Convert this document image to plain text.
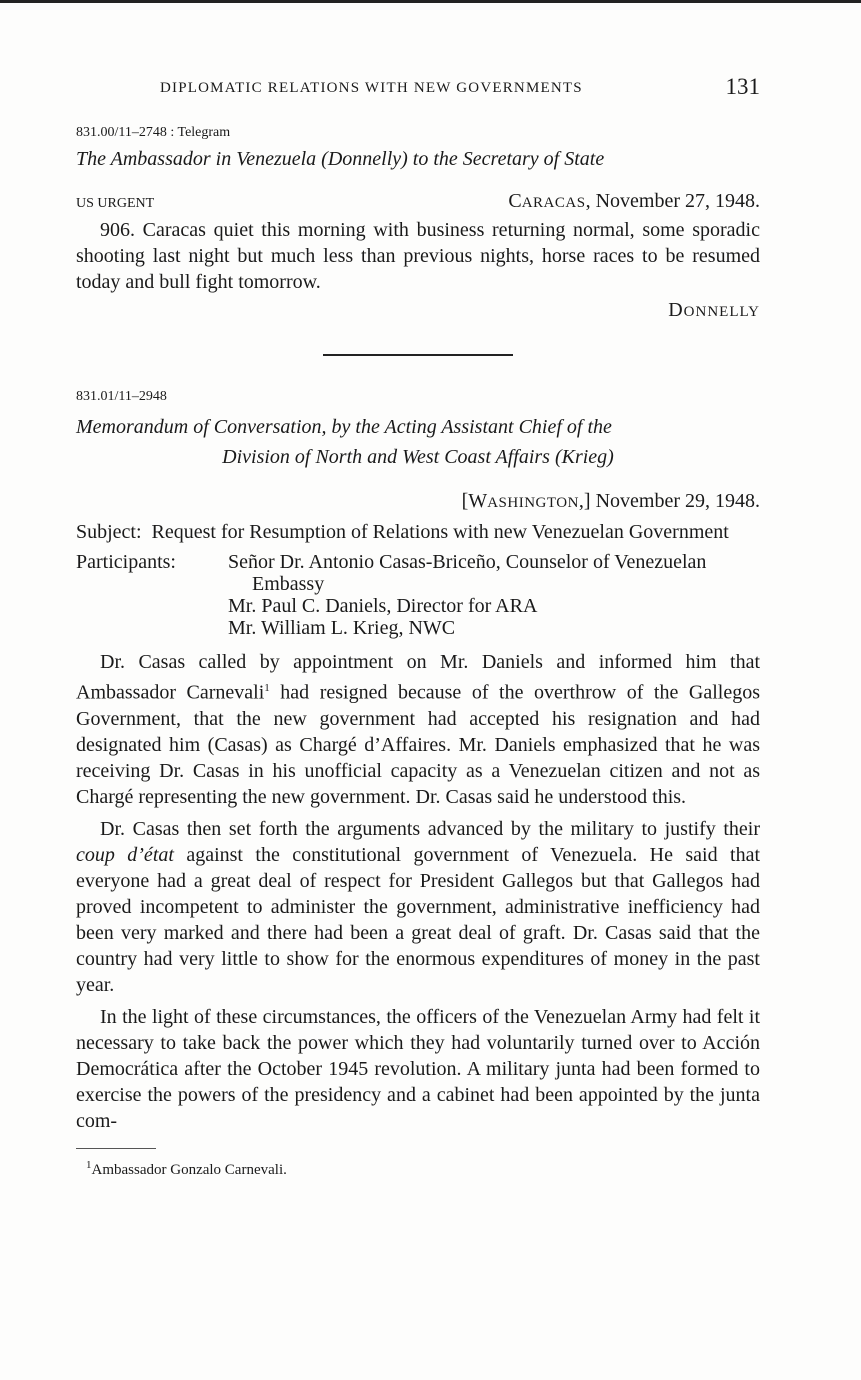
DIPLOMATIC RELATIONS WITH NEW GOVERNMENTS	131
831.00/11–2748 : Telegram
The Ambassador in Venezuela (Donnelly) to the Secretary of State
US URGENT	CARACAS, November 27, 1948.

906. Caracas quiet this morning with business returning normal, some sporadic shooting last night but much less than previous nights, horse races to be resumed today and bull fight tomorrow.

DONNELLY
831.01/11–2948
Memorandum of Conversation, by the Acting Assistant Chief of the
Division of North and West Coast Affairs (Krieg)
[WASHINGTON,] November 29, 1948.
Subject: Request for Resumption of Relations with new Venezuelan Government
Participants:	Señor Dr. Antonio Casas-Briceño, Counselor of Venezuelan Embassy
Mr. Paul C. Daniels, Director for ARA
Mr. William L. Krieg, NWC

Dr. Casas called by appointment on Mr. Daniels and informed him that Ambassador Carnevali$^1$ had resigned because of the overthrow of the Gallegos Government, that the new government had accepted his resignation and had designated him (Casas) as Chargé d’Affaires. Mr. Daniels emphasized that he was receiving Dr. Casas in his unofficial capacity as a Venezuelan citizen and not as Chargé representing the new government. Dr. Casas said he understood this.

Dr. Casas then set forth the arguments advanced by the military to justify their coup d’état against the constitutional government of Venezuela. He said that everyone had a great deal of respect for President Gallegos but that Gallegos had proved incompetent to administer the government, administrative inefficiency had been very marked and there had been a great deal of graft. Dr. Casas said that the country had very little to show for the enormous expenditures of money in the past year.

In the light of these circumstances, the officers of the Venezuelan Army had felt it necessary to take back the power which they had voluntarily turned over to Acción Democrática after the October 1945 revolution. A military junta had been formed to exercise the powers of the presidency and a cabinet had been appointed by the junta com-

$^1$Ambassador Gonzalo Carnevali.
